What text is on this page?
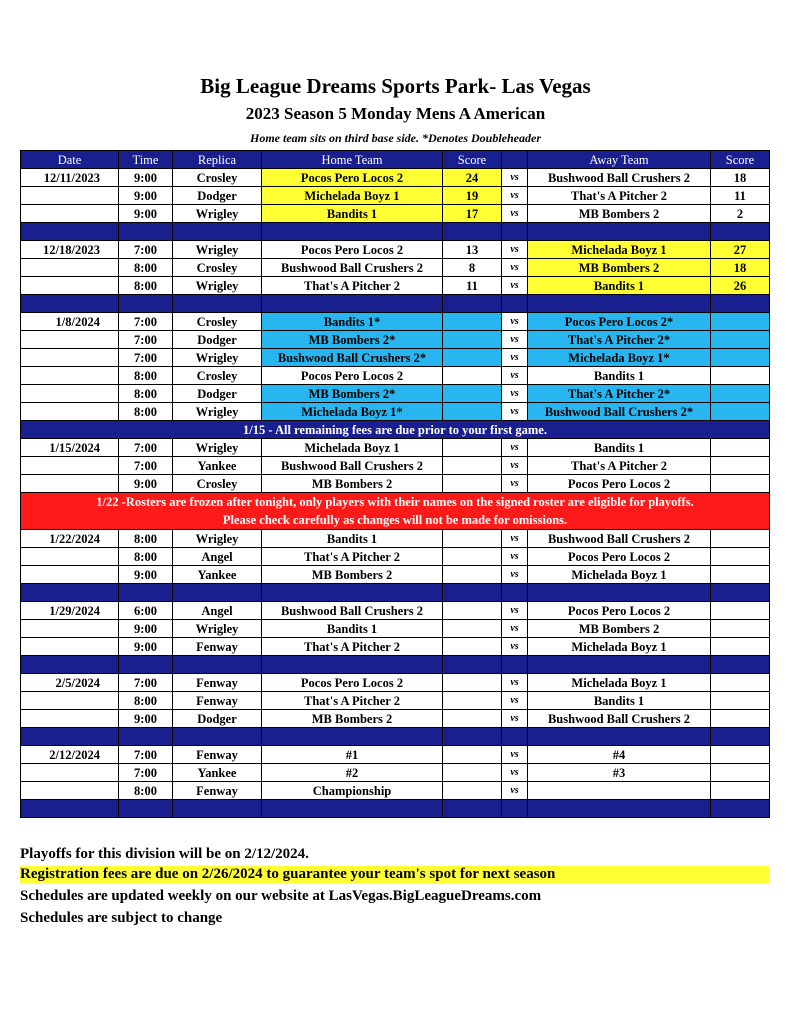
Big League Dreams Sports Park- Las Vegas
2023 Season 5 Monday Mens A American
Home team sits on third base side. *Denotes Doubleheader
Date	Time	Replica	Home Team	Score		Away Team	Score
12/11/2023	9:00	Crosley	Pocos Pero Locos 2	24	vs	Bushwood Ball Crushers 2	18
	9:00	Dodger	Michelada Boyz 1	19	vs	That's A Pitcher 2	11
	9:00	Wrigley	Bandits 1	17	vs	MB Bombers 2	2

12/18/2023	7:00	Wrigley	Pocos Pero Locos 2	13	vs	Michelada Boyz 1	27
	8:00	Crosley	Bushwood Ball Crushers 2	8	vs	MB Bombers 2	18
	8:00	Wrigley	That's A Pitcher 2	11	vs	Bandits 1	26

1/8/2024	7:00	Crosley	Bandits 1*		vs	Pocos Pero Locos 2*	
	7:00	Dodger	MB Bombers 2*		vs	That's A Pitcher 2*	
	7:00	Wrigley	Bushwood Ball Crushers 2*		vs	Michelada Boyz 1*	
	8:00	Crosley	Pocos Pero Locos 2		vs	Bandits 1	
	8:00	Dodger	MB Bombers 2*		vs	That's A Pitcher 2*	
	8:00	Wrigley	Michelada Boyz 1*		vs	Bushwood Ball Crushers 2*	
1/15 - All remaining fees are due prior to your first game.							
1/15/2024	7:00	Wrigley	Michelada Boyz 1		vs	Bandits 1	
	7:00	Yankee	Bushwood Ball Crushers 2		vs	That's A Pitcher 2	
	9:00	Crosley	MB Bombers 2		vs	Pocos Pero Locos 2	

1/22 -Rosters are frozen after tonight, only players with their names on the signed roster are eligible for playoffs.
Please check carefully as changes will not be made for omissions.							

1/22/2024	8:00	Wrigley	Bandits 1		vs	Bushwood Ball Crushers 2	
	8:00	Angel	That's A Pitcher 2		vs	Pocos Pero Locos 2	
	9:00	Yankee	MB Bombers 2		vs	Michelada Boyz 1	

1/29/2024	6:00	Angel	Bushwood Ball Crushers 2		vs	Pocos Pero Locos 2	
	9:00	Wrigley	Bandits 1		vs	MB Bombers 2	
	9:00	Fenway	That's A Pitcher 2		vs	Michelada Boyz 1	

2/5/2024	7:00	Fenway	Pocos Pero Locos 2		vs	Michelada Boyz 1	
	8:00	Fenway	That's A Pitcher 2		vs	Bandits 1	
	9:00	Dodger	MB Bombers 2		vs	Bushwood Ball Crushers 2	

2/12/2024	7:00	Fenway	#1		vs	#4	
	7:00	Yankee	#2		vs	#3	
	8:00	Fenway	Championship		vs		

Playoffs for this division will be on 2/12/2024.
Registration fees are due on 2/26/2024 to guarantee your team's spot for next season
Schedules are updated weekly on our website at LasVegas.BigLeagueDreams.com
Schedules are subject to change
